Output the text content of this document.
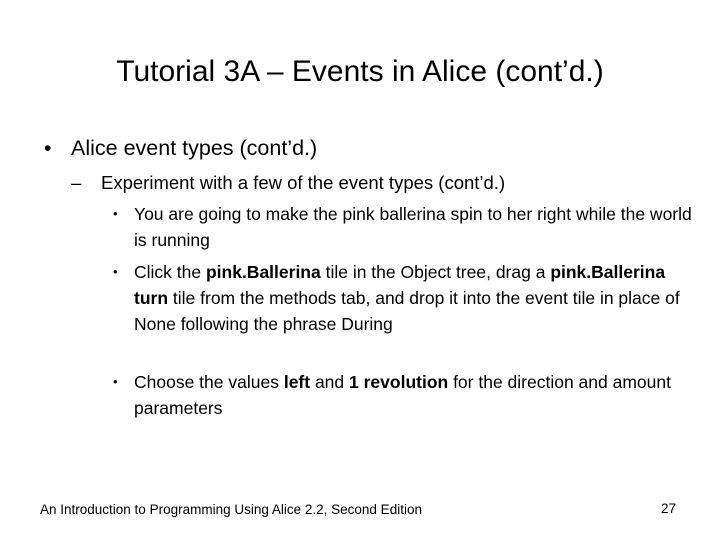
Tutorial 3A – Events in Alice (cont’d.)
• Alice event types (cont’d.)
– Experiment with a few of the event types (cont’d.)
• You are going to make the pink ballerina spin to her right while the world is running
• Click the pink.Ballerina tile in the Object tree, drag a pink.Ballerina turn tile from the methods tab, and drop it into the event tile in place of None following the phrase During
• Choose the values left and 1 revolution for the direction and amount parameters
An Introduction to Programming Using Alice 2.2, Second Edition	27
